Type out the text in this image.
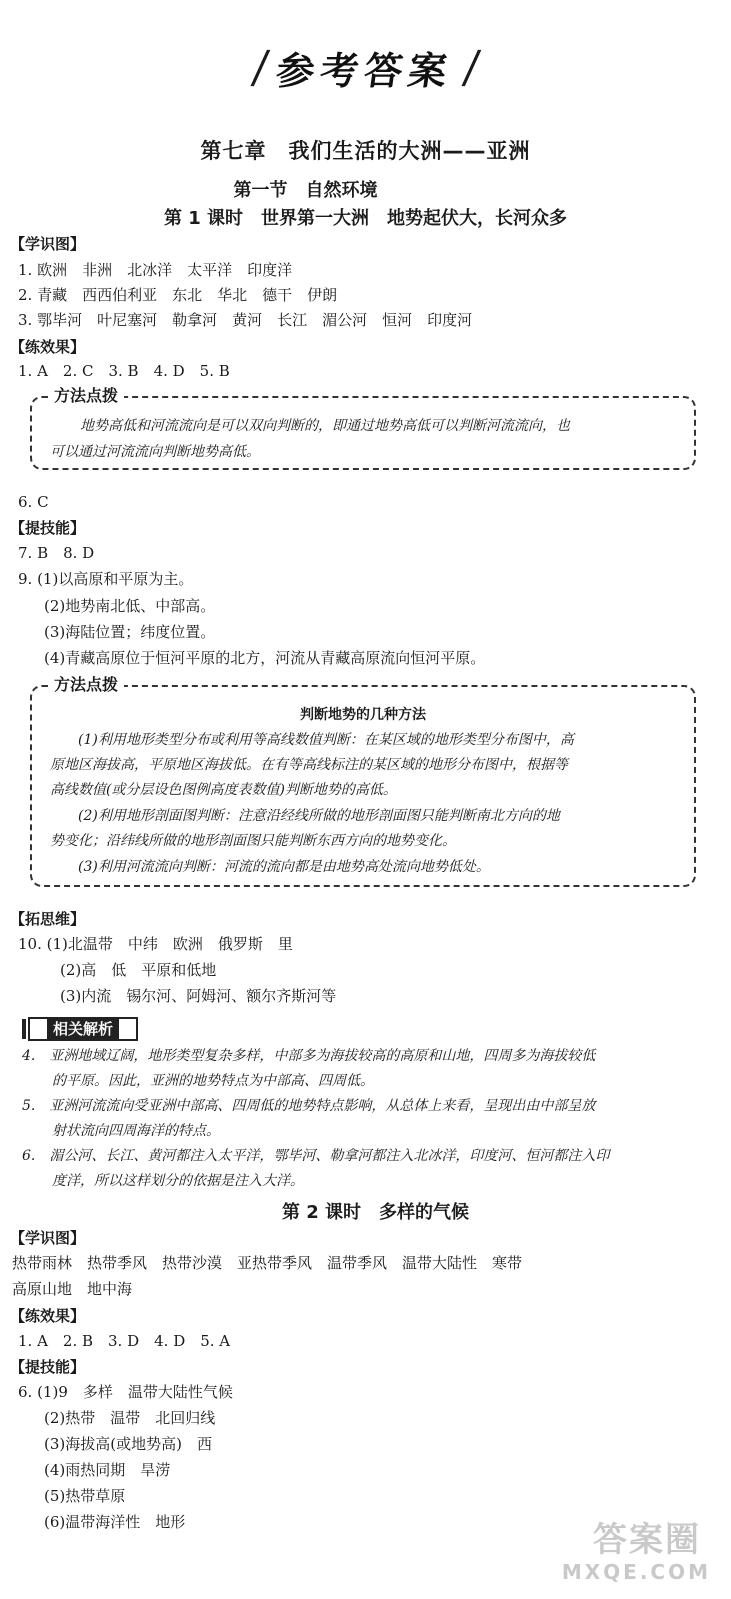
/ 参考答案 /
第七章　我们生活的大洲——亚洲
第一节　自然环境
第 1 课时　世界第一大洲　地势起伏大，长河众多
【学识图】
1. 欧洲　非洲　北冰洋　太平洋　印度洋
2. 青藏　西西伯利亚　东北　华北　德干　伊朗
3. 鄂毕河　叶尼塞河　勒拿河　黄河　长江　湄公河　恒河　印度河
【练效果】
1. A　2. C　3. B　4. D　5. B
方法点拨
地势高低和河流流向是可以双向判断的，即通过地势高低可以判断河流流向，也
可以通过河流流向判断地势高低。
6. C
【提技能】
7. B　8. D
9. (1)以高原和平原为主。
(2)地势南北低、中部高。
(3)海陆位置；纬度位置。
(4)青藏高原位于恒河平原的北方，河流从青藏高原流向恒河平原。
方法点拨
判断地势的几种方法
(1)利用地形类型分布或利用等高线数值判断：在某区域的地形类型分布图中，高
原地区海拔高，平原地区海拔低。在有等高线标注的某区域的地形分布图中，根据等
高线数值(或分层设色图例高度表数值)判断地势的高低。
(2)利用地形剖面图判断：注意沿经线所做的地形剖面图只能判断南北方向的地
势变化；沿纬线所做的地形剖面图只能判断东西方向的地势变化。
(3)利用河流流向判断：河流的流向都是由地势高处流向地势低处。
【拓思维】
10. (1)北温带　中纬　欧洲　俄罗斯　里
(2)高　低　平原和低地
(3)内流　锡尔河、阿姆河、额尔齐斯河等
相关解析
4.　亚洲地域辽阔，地形类型复杂多样，中部多为海拔较高的高原和山地，四周多为海拔较低
的平原。因此，亚洲的地势特点为中部高、四周低。
5.　亚洲河流流向受亚洲中部高、四周低的地势特点影响，从总体上来看，呈现出由中部呈放
射状流向四周海洋的特点。
6.　湄公河、长江、黄河都注入太平洋，鄂毕河、勒拿河都注入北冰洋，印度河、恒河都注入印
度洋，所以这样划分的依据是注入大洋。
第 2 课时　多样的气候
【学识图】
热带雨林　热带季风　热带沙漠　亚热带季风　温带季风　温带大陆性　寒带
高原山地　地中海
【练效果】
1. A　2. B　3. D　4. D　5. A
【提技能】
6. (1)9　多样　温带大陆性气候
(2)热带　温带　北回归线
(3)海拔高(或地势高)　西
(4)雨热同期　旱涝
(5)热带草原
(6)温带海洋性　地形	答案圈
MXQE.COM
